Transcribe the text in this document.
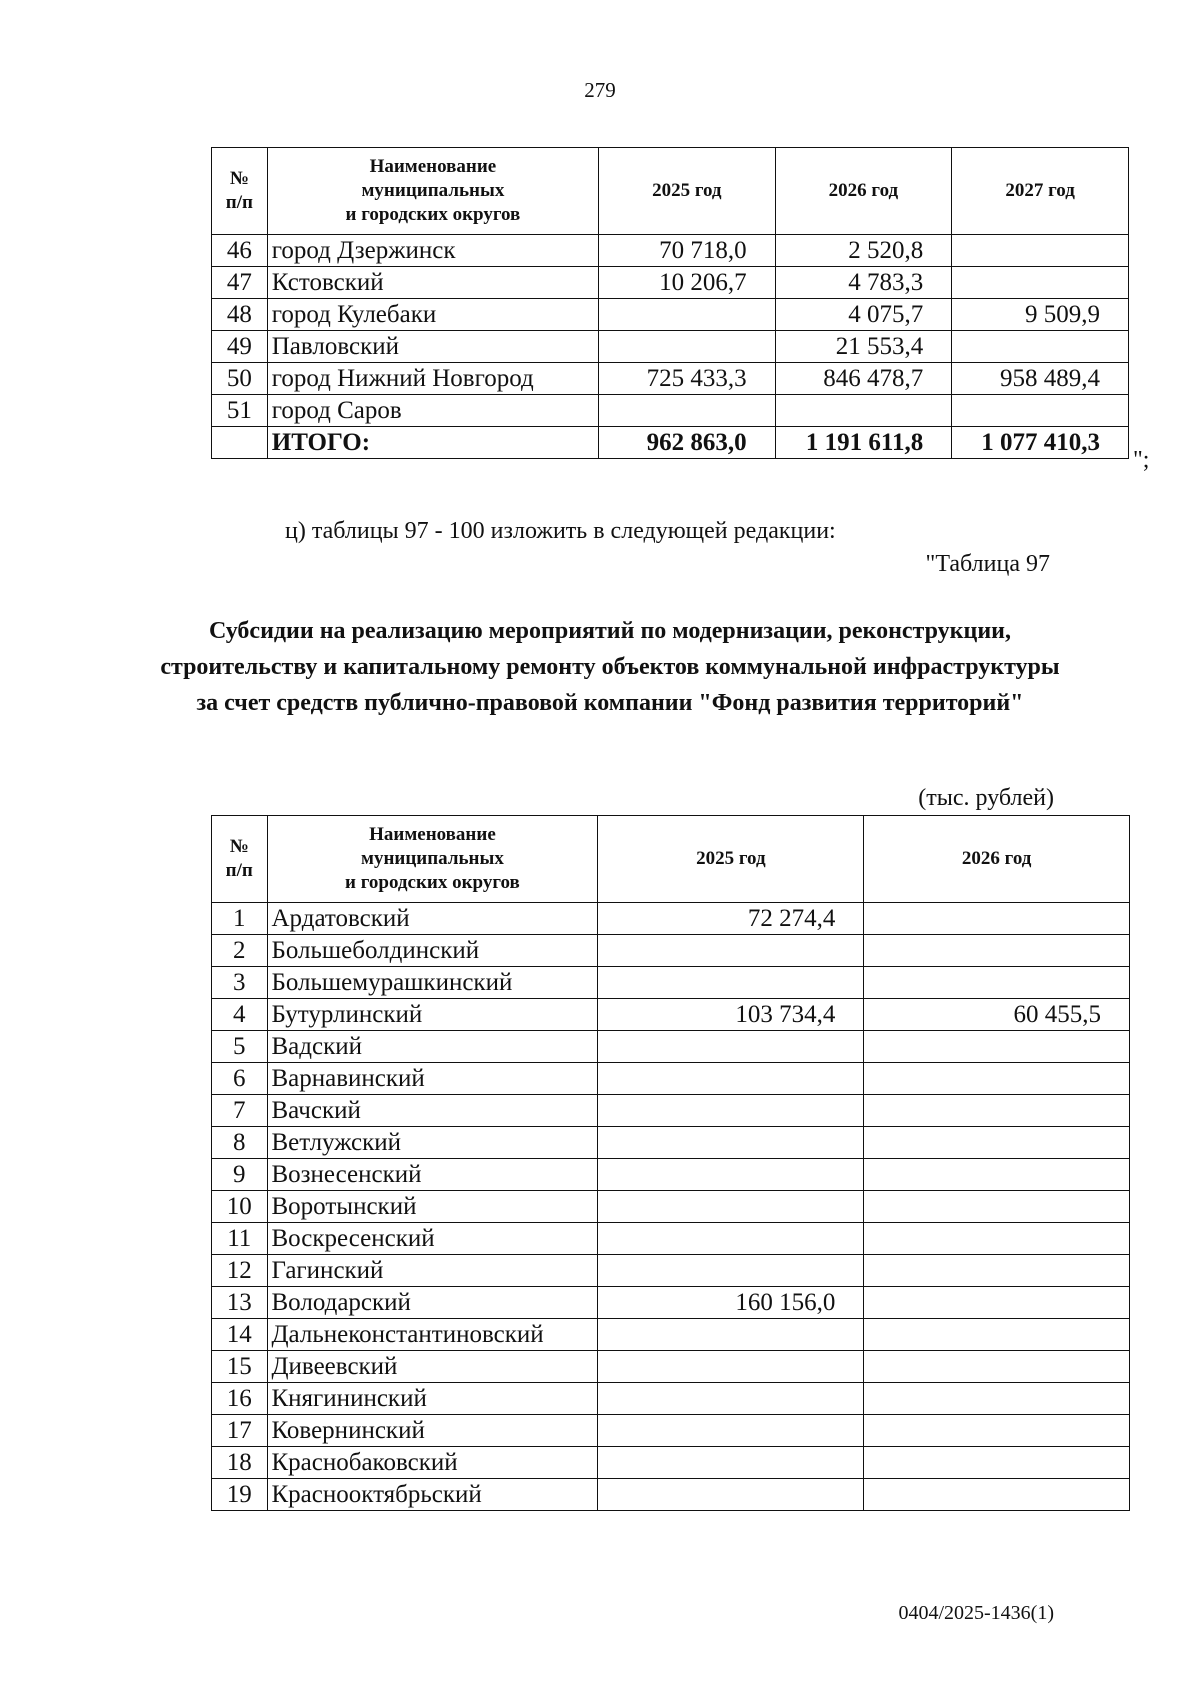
279
№
п/п	Наименование
муниципальных
и городских округов	2025 год	2026 год	2027 год
46	город Дзержинск	70 718,0	2 520,8	
47	Кстовский	10 206,7	4 783,3	
48	город Кулебаки		4 075,7	9 509,9
49	Павловский		21 553,4	
50	город Нижний Новгород	725 433,3	846 478,7	958 489,4
51	город Саров			
	ИТОГО:	962 863,0	1 191 611,8	1 077 410,3
";
ц) таблицы 97 - 100 изложить в следующей редакции:
"Таблица 97
Субсидии на реализацию мероприятий по модернизации, реконструкции, строительству и капитальному ремонту объектов коммунальной инфраструктуры за счет средств публично-правовой компании "Фонд развития территорий"
(тыс. рублей)
№
п/п	Наименование
муниципальных
и городских округов	2025 год	2026 год
1	Ардатовский	72 274,4	
2	Большеболдинский		
3	Большемурашкинский		
4	Бутурлинский	103 734,4	60 455,5
5	Вадский		
6	Варнавинский		
7	Вачский		
8	Ветлужский		
9	Вознесенский		
10	Воротынский		
11	Воскресенский		
12	Гагинский		
13	Володарский	160 156,0	
14	Дальнеконстантиновский		
15	Дивеевский		
16	Княгининский		
17	Ковернинский		
18	Краснобаковский		
19	Краснооктябрьский		
0404/2025-1436(1)
